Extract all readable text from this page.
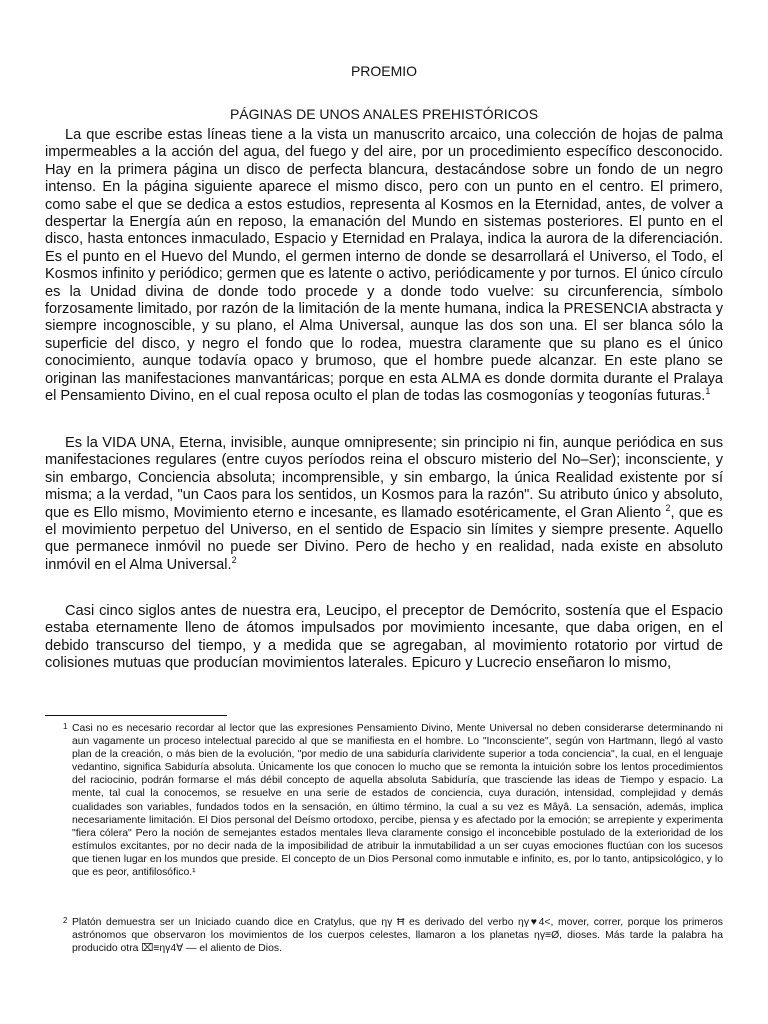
PROEMIO
PÁGINAS DE UNOS ANALES PREHISTÓRICOS

La que escribe estas líneas tiene a la vista un manuscrito arcaico, una colección de hojas de palma impermeables a la acción del agua, del fuego y del aire, por un procedimiento específico desconocido. Hay en la primera página un disco de perfecta blancura, destacándose sobre un fondo de un negro intenso. En la página siguiente aparece el mismo disco, pero con un punto en el centro. El primero, como sabe el que se dedica a estos estudios, representa al Kosmos en la Eternidad, antes, de volver a despertar la Energía aún en reposo, la emanación del Mundo en sistemas posteriores. El punto en el disco, hasta entonces inmaculado, Espacio y Eternidad en Pralaya, indica la aurora de la diferenciación. Es el punto en el Huevo del Mundo, el germen interno de donde se desarrollará el Universo, el Todo, el Kosmos infinito y periódico; germen que es latente o activo, periódicamente y por turnos. El único círculo es la Unidad divina de donde todo procede y a donde todo vuelve: su circunferencia, símbolo forzosamente limitado, por razón de la limitación de la mente humana, indica la PRESENCIA abstracta y siempre incognoscible, y su plano, el Alma Universal, aunque las dos son una. El ser blanca sólo la superficie del disco, y negro el fondo que lo rodea, muestra claramente que su plano es el único conocimiento, aunque todavía opaco y brumoso, que el hombre puede alcanzar. En este plano se originan las manifestaciones manvantáricas; porque en esta ALMA es donde dormita durante el Pralaya el Pensamiento Divino, en el cual reposa oculto el plan de todas las cosmogonías y teogonías futuras.$^1$

Es la VIDA UNA, Eterna, invisible, aunque omnipresente; sin principio ni fin, aunque periódica en sus manifestaciones regulares (entre cuyos períodos reina el obscuro misterio del No–Ser); inconsciente, y sin embargo, Conciencia absoluta; incomprensible, y sin embargo, la única Realidad existente por sí misma; a la verdad, "un Caos para los sentidos, un Kosmos para la razón". Su atributo único y absoluto, que es Ello mismo, Movimiento eterno e incesante, es llamado esotéricamente, el Gran Aliento $^2$, que es el movimiento perpetuo del Universo, en el sentido de Espacio sin límites y siempre presente. Aquello que permanece inmóvil no puede ser Divino. Pero de hecho y en realidad, nada existe en absoluto inmóvil en el Alma Universal.$^2$

Casi cinco siglos antes de nuestra era, Leucipo, el preceptor de Demócrito, sostenía que el Espacio estaba eternamente lleno de átomos impulsados por movimiento incesante, que daba origen, en el debido transcurso del tiempo, y a medida que se agregaban, al movimiento rotatorio por virtud de colisiones mutuas que producían movimientos laterales. Epicuro y Lucrecio enseñaron lo mismo,

1 Casi no es necesario recordar al lector que las expresiones Pensamiento Divino, Mente Universal no deben considerarse determinando ni aun vagamente un proceso intelectual parecido al que se manifiesta en el hombre. Lo "Inconsciente", según von Hartmann, llegó al vasto plan de la creación, o más bien de la evolución, "por medio de una sabiduría clarividente superior a toda conciencia", la cual, en el lenguaje vedantino, significa Sabiduría absoluta. Únicamente los que conocen lo mucho que se remonta la intuición sobre los lentos procedimientos del raciocinio, podrán formarse el más débil concepto de aquella absoluta Sabiduría, que trasciende las ideas de Tiempo y espacio. La mente, tal cual la conocemos, se resuelve en una serie de estados de conciencia, cuya duración, intensidad, complejidad y demás cualidades son variables, fundados todos en la sensación, en último término, la cual a su vez es Mâyâ. La sensación, además, implica necesariamente limitación. El Dios personal del Deísmo ortodoxo, percibe, piensa y es afectado por la emoción; se arrepiente y experimenta "fiera cólera" Pero la noción de semejantes estados mentales lleva claramente consigo el inconcebible postulado de la exterioridad de los estímulos excitantes, por no decir nada de la imposibilidad de atribuir la inmutabilidad a un ser cuyas emociones fluctúan con los sucesos que tienen lugar en los mundos que preside. El concepto de un Dios Personal como inmutable e infinito, es, por lo tanto, antipsicológico, y lo que es peor, antifilosófico.¹
2 Platón demuestra ser un Iniciado cuando dice en Cratylus, que ηγ Ħ es derivado del verbo ηγ♥4<, mover, correr, porque los primeros astrónomos que observaron los movimientos de los cuerpos celestes, llamaron a los planetas ηγ≡Ø, dioses. Más tarde la palabra ha producido otra ⌧≡ηγ4∀ — el aliento de Dios.
